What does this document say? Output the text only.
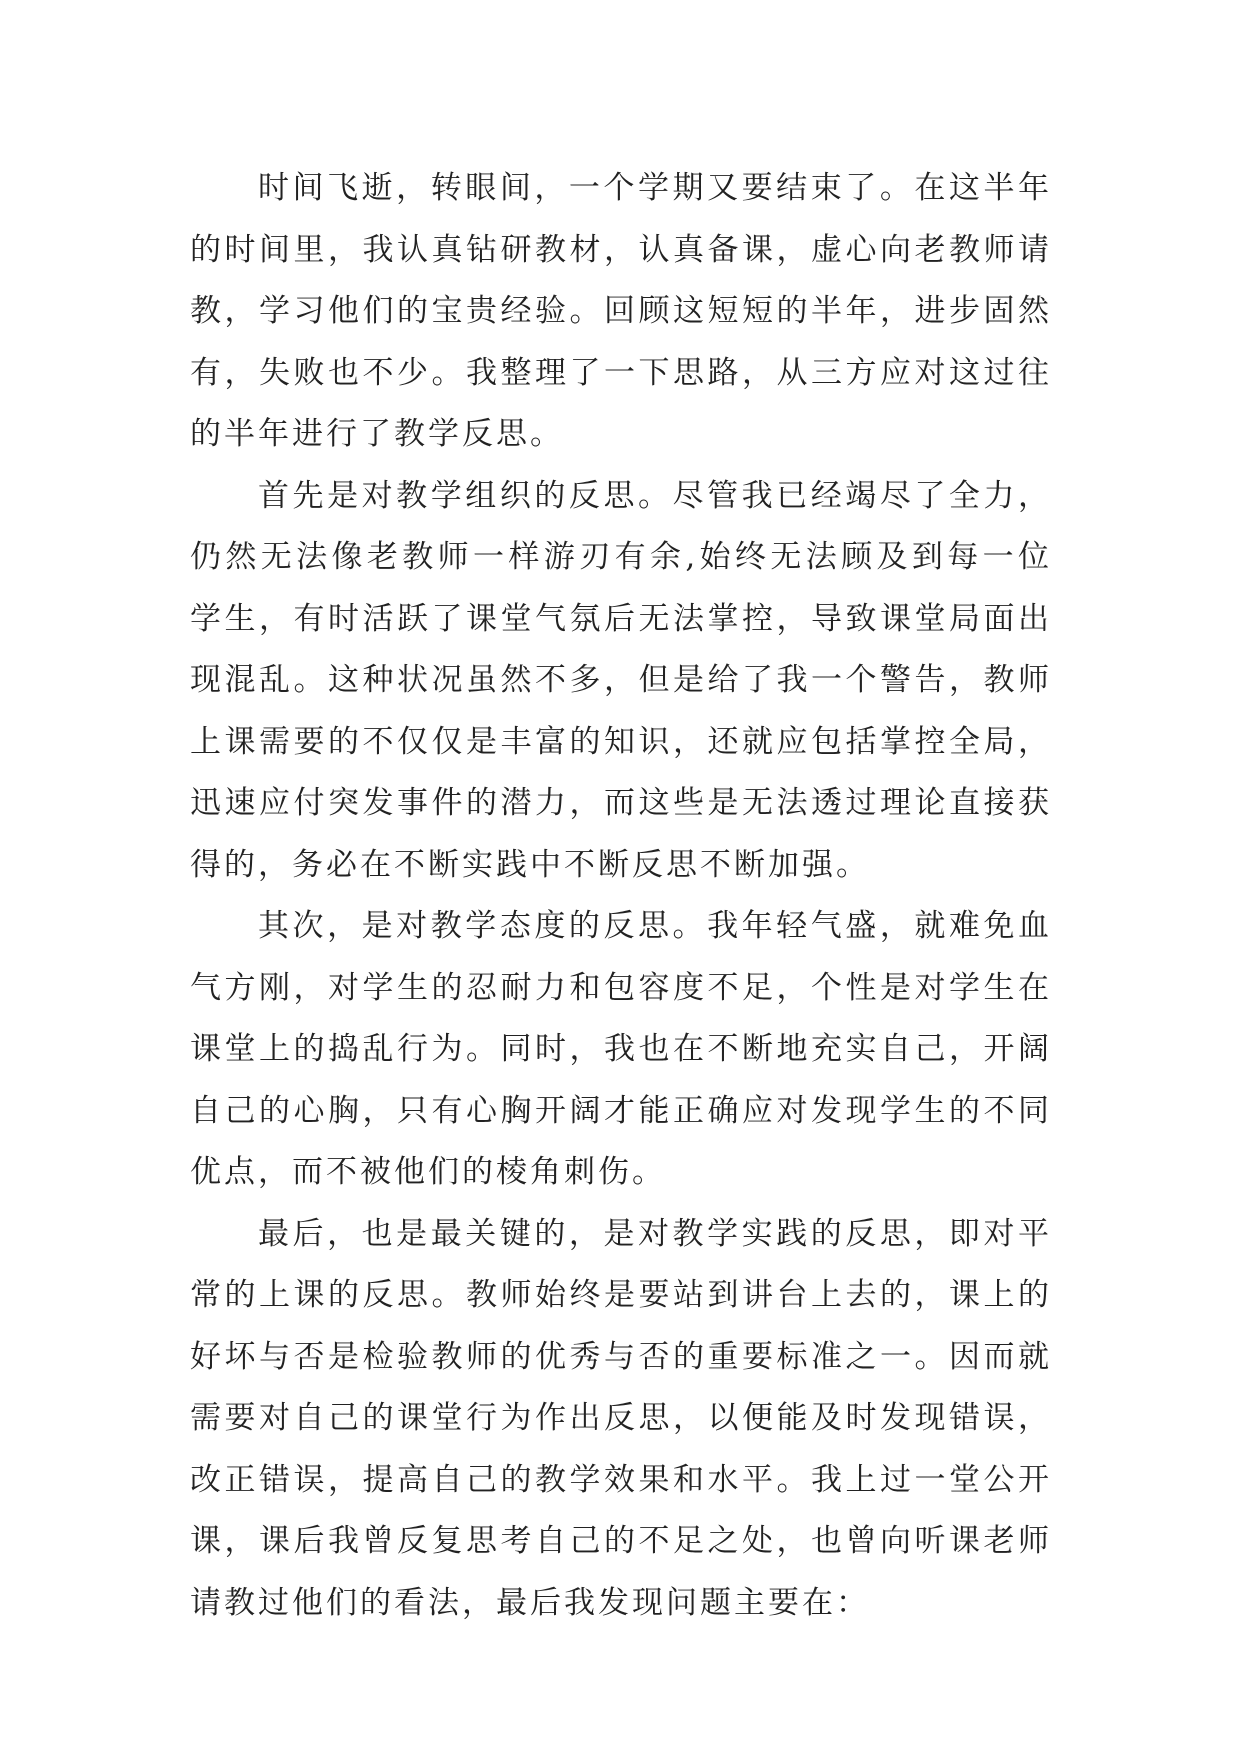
时间飞逝，转眼间，一个学期又要结束了。在这半年的时间里，我认真钻研教材，认真备课，虚心向老教师请教，学习他们的宝贵经验。回顾这短短的半年，进步固然有，失败也不少。我整理了一下思路，从三方应对这过往的半年进行了教学反思。

首先是对教学组织的反思。尽管我已经竭尽了全力，仍然无法像老教师一样游刃有余,始终无法顾及到每一位学生，有时活跃了课堂气氛后无法掌控，导致课堂局面出现混乱。这种状况虽然不多，但是给了我一个警告，教师上课需要的不仅仅是丰富的知识，还就应包括掌控全局，迅速应付突发事件的潜力，而这些是无法透过理论直接获得的，务必在不断实践中不断反思不断加强。

其次，是对教学态度的反思。我年轻气盛，就难免血气方刚，对学生的忍耐力和包容度不足，个性是对学生在课堂上的捣乱行为。同时，我也在不断地充实自己，开阔自己的心胸，只有心胸开阔才能正确应对发现学生的不同优点，而不被他们的棱角刺伤。

最后，也是最关键的，是对教学实践的反思，即对平常的上课的反思。教师始终是要站到讲台上去的，课上的好坏与否是检验教师的优秀与否的重要标准之一。因而就需要对自己的课堂行为作出反思，以便能及时发现错误，改正错误，提高自己的教学效果和水平。我上过一堂公开课，课后我曾反复思考自己的不足之处，也曾向听课老师请教过他们的看法，最后我发现问题主要在：
